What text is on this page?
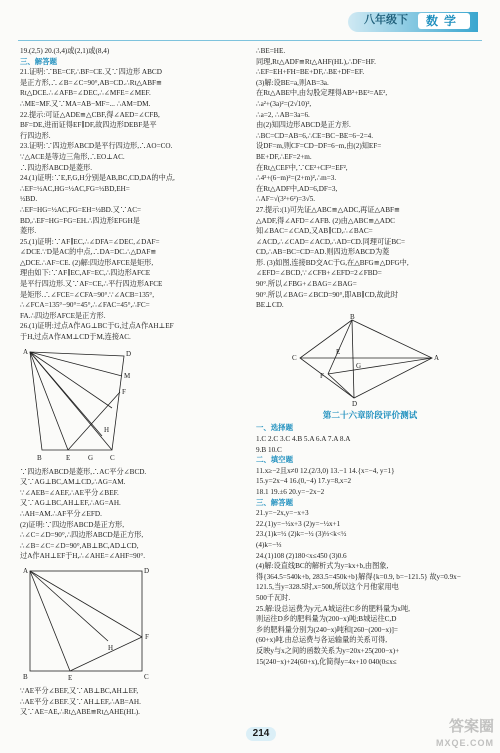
八年级下	数学

19.(2,5) 20.(3,4)或(2,1)或(8,4)

三、解答题

21.证明:∵BE=CF,∴BF=CE.又∵四边形 ABCD

是正方形,∴∠B=∠C=90°,AB=CD.∴Rt△ABF≌

Rt△DCE.∴∠AFB=∠DEC,∴∠MFE=∠MEF.

∴ME=MF.又∵MA=AB−MF=... ∴AM=DM.

22.提示:可证△ADE≌△CBF,得∠AED=∠CFB,

BF=DE,进而证得EF∥DF,故四边形DEBF是平

行四边形.

23.证明:∵四边形ABCD是平行四边形,∴AO=CO.

∵△ACE是等边三角形,∴EO⊥AC.

∴四边形ABCD是菱形.

24.(1)证明:∵E,F,G,H分别是AB,BC,CD,DA的中点,

∴EF=½AC,HG=½AC,FG=½BD,EH=

½BD.

∴EF=HG=½AC,FG=EH=½BD.又∵AC=

BD,∴EF=HG=FG=EH.∴四边形EFGH是

菱形.

25.(1)证明:∵AF∥EC,∴∠DFA=∠DEC,∠DAF=

∠DCE.∵D是AC的中点,∴DA=DC.∴△DAF≌

△DCE.∴AF=CE. (2)解:四边形AFCE是矩形,

理由如下:∵AF∥EC,AF=EC,∴四边形AFCE

是平行四边形.又∵AF=CE,∴平行四边形AFCE

是矩形.∴∠FCE=∠CFA=90°.∵∠ACB=135°,

∴∠FCA=135°−90°=45°,∴∠FAC=45°,∴FC=

FA.∴四边形AFCE是正方形.

26.(1)证明:过点A作AG⊥BC于G,过点A作AH⊥EF

于H,过点A作AM⊥CD于M,连接AC.

A
B	C
D
E
F
G
H
M

∵四边形ABCD是菱形,∴AC平分∠BCD.

又∵AG⊥BC,AM⊥CD,∴AG=AM.

∵∠AEB=∠AEF,∴AE平分∠BEF.

又∵AG⊥BC,AH⊥EF,∴AG=AH.

∴AH=AM.∴AF平分∠EFD.

(2)证明:∵四边形ABCD是正方形,

∴∠C=∠D=90°,∴四边形ABCD是正方形,

∴∠B=∠C=∠D=90°,AB⊥BC,AD⊥CD,

过A作AH⊥EF于H,∴∠AHE=∠AHF=90°.

A
B	C
D
E
F
H

∵AE平分∠BEF,又∵AB⊥BC,AH⊥EF,

∴AE平分∠BEF.又∵AH⊥EF,∴AB=AH.

又∵AE=AE,∴Rt△ABE≌Rt△AHE(HL).

∴BE=HE.

同理,Rt△ADF≌Rt△AHF(HL),∴DF=HF.

∴EF=EH+FH=BE+DF,∴BE+DF=EF.

(3)解:设BE=a,则AB=3a.

在Rt△ABE中,由勾股定理得AB²+BE²=AE²,

∴a²+(3a)²=(2√10)²,

∴a=2, ∴AB=3a=6.

由(2)知四边形ABCD是正方形.

∴BC=CD=AB=6,∴CE=BC−BE=6−2=4.

设DF=m,则CF=CD−DF=6−m,由(2)知EF=

BE+DF,∴EF=2+m.

在Rt△CEF中,∵CE²+CF²=EF²,

∴4²+(6−m)²=(2+m)²,∴m=3.

在Rt△ADF中,AD=6,DF=3,

∴AF=√(3²+6²)=3√5.

27.提示:(1)可先证△ABC≌△ADC,再证△ABF≌

△ADF,得∠AFD=∠AFB. (2)由△ABC≌△ADC

知∠BAC=∠CAD,又AB∥CD,∴∠BAC=

∠ACD,∴∠CAD=∠ACD,∴AD=CD.同理可证BC=

CD,∴AB=BC=CD=AD.则四边形ABCD为菱

形. (3)如图,连接BD交AC于G,在△BFG≌△DFG中,

∠EFD=∠BCD,∵∠CFB+∠EFD=2∠FBD=

90°.所以∠FBG+∠BAG=∠BAG=

90°.所以∠BAG=∠BCD=90°,即AB∥CD,故此时

BE⊥CD.

A
B
C
D
E
F
G
第二十六章阶段评价测试

一、选择题

1.C 2.C 3.C 4.B 5.A 6.A 7.A 8.A

9.B 10.C

二、填空题

11.x≥−2且x≠0 12.(2/3,0) 13.−1 14.{x=−4, y=1}

15.y=2x−4 16.(0,−4) 17.y=8,x=2

18.1 19.±6 20.y=−2x−2

三、解答题

21.y=−2x,y=−x+3

22.(1)y=−½x+3 (2)y=−½x+1

23.(1)k=½ (2)k=−½ (3)⅓<k<½

(4)k=−⅓

24.(1)108 (2)180<x≤450 (3)0.6

(4)解:设直线BC的解析式为y=kx+b,由图象,

得{364.5=540k+b, 283.5=450k+b}解得{k=0.9, b=−121.5} 故y=0.9x−

121.5,当y=328.5时,x=500,所以这个月他家用电

500千瓦时.

25.解:设总运费为y元,A城运往C乡的肥料量为x吨,

则运往D乡的肥料量为(200−x)吨;B城运往C,D

乡的肥料量分别为(240−x)吨和[260−(200−x)]=

(60+x)吨.由总运费与各运输量的关系可得,

反映y与x之间的函数关系为y=20x+25(200−x)+

15(240−x)+24(60+x),化简得y=4x+10 040(0≤x≤

214	答案圈
MXQE.COM
